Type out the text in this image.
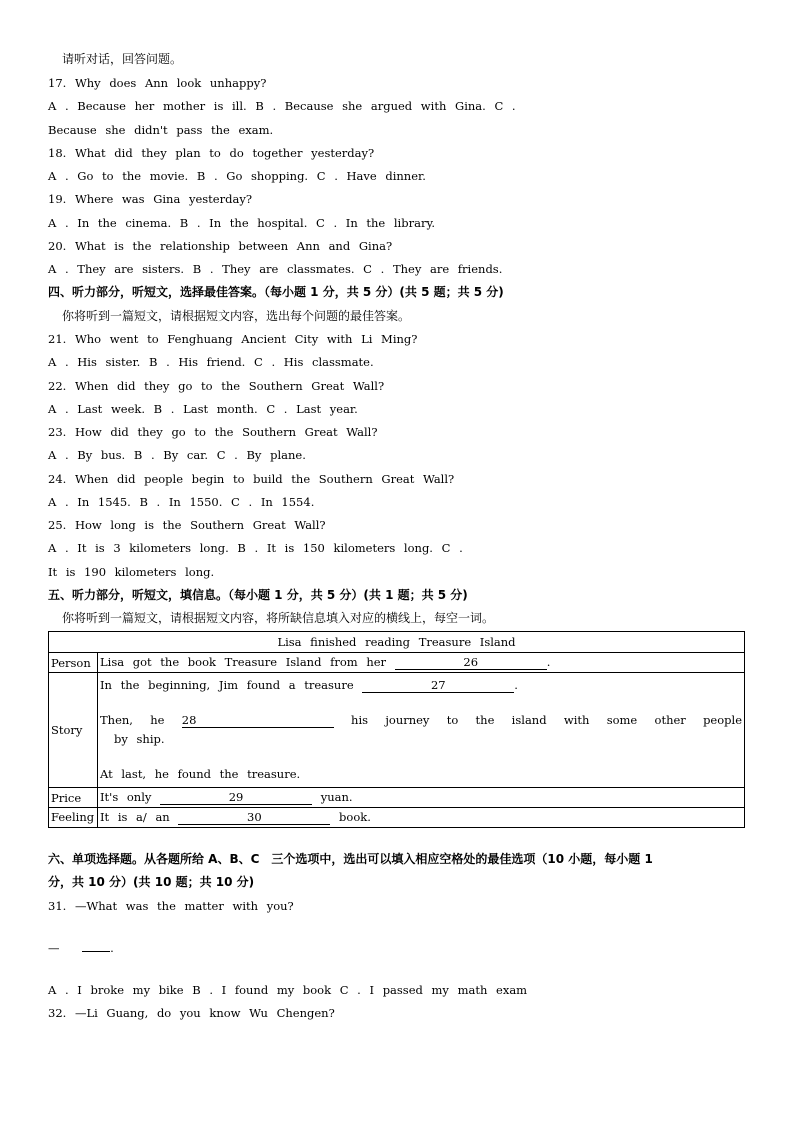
请听对话，回答问题。
17. Why does Ann look unhappy?
A . Because her mother is ill. B . Because she argued with Gina. C .
Because she didn't pass the exam.
18. What did they plan to do together yesterday?
A . Go to the movie. B . Go shopping. C . Have dinner.
19. Where was Gina yesterday?
A . In the cinema. B . In the hospital. C . In the library.
20. What is the relationship between Ann and Gina?
A . They are sisters. B . They are classmates. C . They are friends.
四、听力部分，听短文，选择最佳答案。（每小题 1 分，共 5 分）(共 5 题；共 5 分)
你将听到一篇短文，请根据短文内容，选出每个问题的最佳答案。
21. Who went to Fenghuang Ancient City with Li Ming?
A . His sister. B . His friend. C . His classmate.
22. When did they go to the Southern Great Wall?
A . Last week. B . Last month. C . Last year.
23. How did they go to the Southern Great Wall?
A . By bus. B . By car. C . By plane.
24. When did people begin to build the Southern Great Wall?
A . In 1545. B . In 1550. C . In 1554.
25. How long is the Southern Great Wall?
A . It is 3 kilometers long. B . It is 150 kilometers long. C .
It is 190 kilometers long.
五、听力部分，听短文，填信息。（每小题 1 分，共 5 分）(共 1 题；共 5 分)
你将听到一篇短文，请根据短文内容，将所缺信息填入对应的横线上，每空一词。
Lisa finished reading Treasure Island	
Person	Lisa got the book Treasure Island from her 26 .
Story	In the beginning, Jim found a treasure 27 .
Then, he 28 his journey to the island with some other people
by ship.
At last, he found the treasure.

Price	It's only 29 yuan.
Feeling	It is a/ an 30 book.
六、单项选择题。从各题所给 A、B、C　三个选项中，选出可以填入相应空格处的最佳选项（10 小题，每小题 1
分，共 10 分）(共 10 题；共 10 分)
31. —What was the matter with you?
—	.
A . I broke my bike B . I found my book C . I passed my math exam
32. —Li Guang, do you know Wu Chengen?
